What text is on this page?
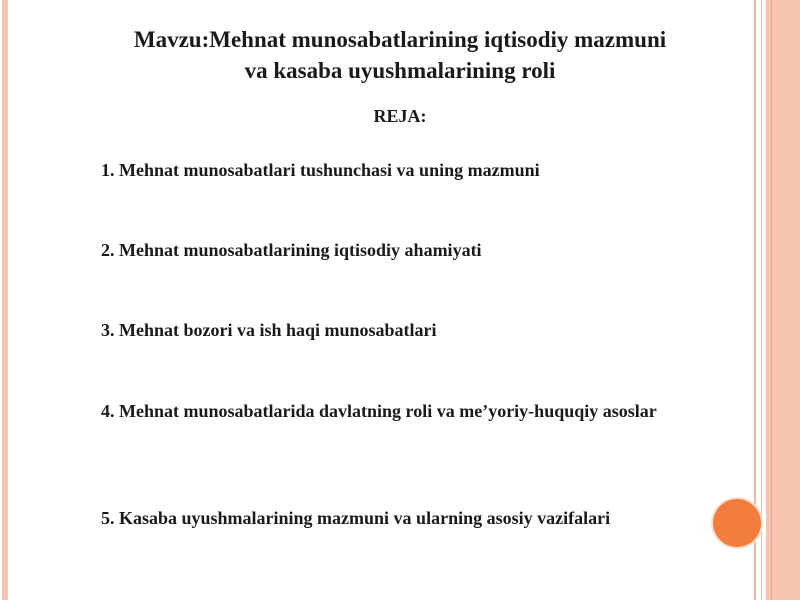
Mavzu:Mehnat munosabatlarining iqtisodiy mazmuni
va kasaba uyushmalarining roli
REJA:
1. Mehnat munosabatlari tushunchasi va uning mazmuni
2. Mehnat munosabatlarining iqtisodiy ahamiyati
3. Mehnat bozori va ish haqi munosabatlari
4. Mehnat munosabatlarida davlatning roli va me’yoriy-huquqiy asoslar
5. Kasaba uyushmalarining mazmuni va ularning asosiy vazifalari
